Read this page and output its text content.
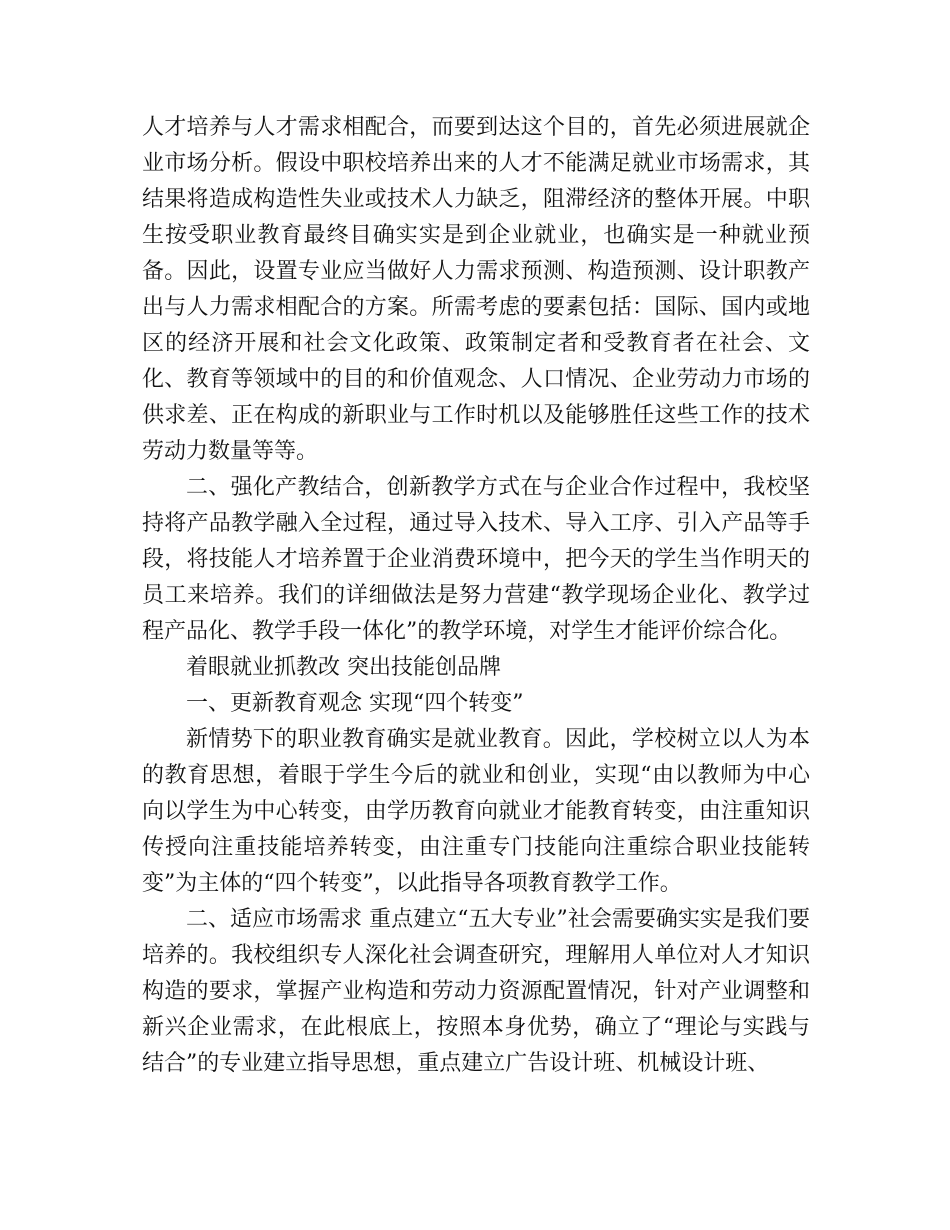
人才培养与人才需求相配合，而要到达这个目的，首先必须进展就企业市场分析。假设中职校培养出来的人才不能满足就业市场需求，其结果将造成构造性失业或技术人力缺乏，阻滞经济的整体开展。中职生按受职业教育最终目确实实是到企业就业，也确实是一种就业预备。因此，设置专业应当做好人力需求预测、构造预测、设计职教产出与人力需求相配合的方案。所需考虑的要素包括：国际、国内或地区的经济开展和社会文化政策、政策制定者和受教育者在社会、文化、教育等领域中的目的和价值观念、人口情况、企业劳动力市场的供求差、正在构成的新职业与工作时机以及能够胜任这些工作的技术劳动力数量等等。

二、强化产教结合，创新教学方式在与企业合作过程中，我校坚持将产品教学融入全过程，通过导入技术、导入工序、引入产品等手段，将技能人才培养置于企业消费环境中，把今天的学生当作明天的员工来培养。我们的详细做法是努力营建“教学现场企业化、教学过程产品化、教学手段一体化”的教学环境，对学生才能评价综合化。

着眼就业抓教改 突出技能创品牌

一、更新教育观念 实现“四个转变”

新情势下的职业教育确实是就业教育。因此，学校树立以人为本的教育思想，着眼于学生今后的就业和创业，实现“由以教师为中心向以学生为中心转变，由学历教育向就业才能教育转变，由注重知识传授向注重技能培养转变，由注重专门技能向注重综合职业技能转变”为主体的“四个转变”，以此指导各项教育教学工作。

二、适应市场需求 重点建立“五大专业”社会需要确实实是我们要培养的。我校组织专人深化社会调查研究，理解用人单位对人才知识构造的要求，掌握产业构造和劳动力资源配置情况，针对产业调整和新兴企业需求，在此根底上，按照本身优势，确立了“理论与实践与结合”的专业建立指导思想，重点建立广告设计班、机械设计班、
